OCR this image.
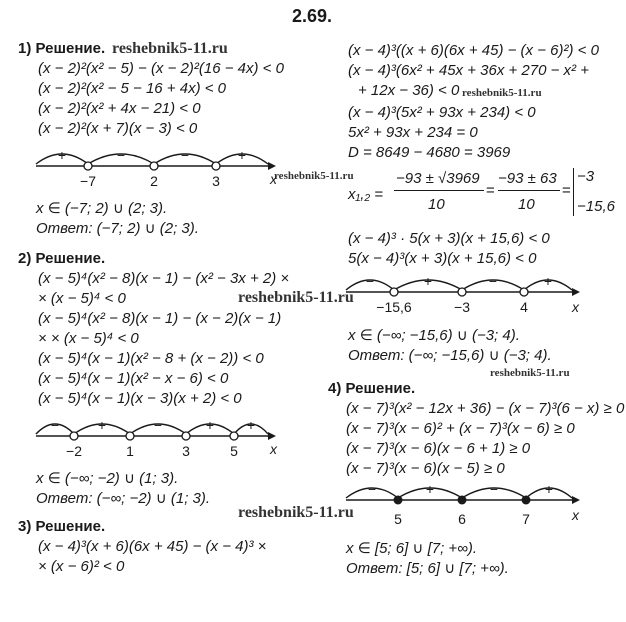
2.69.
reshebnik5-11.ru
reshebnik5-11.ru
reshebnik5-11.ru
reshebnik5-11.ru
reshebnik5-11.ru
reshebnik5-11.ru
1) Решение.
(x − 2)²(x² − 5) − (x − 2)²(16 − 4x) < 0
(x − 2)²(x² − 5 − 16 + 4x) < 0
(x − 2)²(x² + 4x − 21) < 0
(x − 2)²(x + 7)(x − 3) < 0
+	−	−	+
−7	2	3	x
x ∈ (−7; 2) ∪ (2; 3).
Ответ: (−7; 2) ∪ (2; 3).
2) Решение.
(x − 5)⁴(x² − 8)(x − 1) − (x² − 3x + 2) ×
× (x − 5)⁴ < 0
(x − 5)⁴(x² − 8)(x − 1) − (x − 2)(x − 1)
× × (x − 5)⁴ < 0
(x − 5)⁴(x − 1)(x² − 8 + (x − 2)) < 0
(x − 5)⁴(x − 1)(x² − x − 6) < 0
(x − 5)⁴(x − 1)(x − 3)(x + 2) < 0
−	+	−	+ +
−2	1	3	5 x
x ∈ (−∞; −2) ∪ (1; 3).
Ответ: (−∞; −2) ∪ (1; 3).
3) Решение.
(x − 4)³(x + 6)(6x + 45) − (x − 4)³ ×
× (x − 6)² < 0
(x − 4)³((x + 6)(6x + 45) − (x − 6)²) < 0
(x − 4)³(6x² + 45x + 36x + 270 − x² +
+ 12x − 36) < 0
(x − 4)³(5x² + 93x + 234) < 0
5x² + 93x + 234 = 0
D = 8649 − 4680 = 3969
x₁,₂ =
−93 ± √3969
10
=
−93 ± 63
10
=
−3
−15,6
(x − 4)³ · 5(x + 3)(x + 15,6) < 0
5(x − 4)³(x + 3)(x + 15,6) < 0
−	+	−	+
−15,6	−3	4	x
x ∈ (−∞; −15,6) ∪ (−3; 4).
Ответ: (−∞; −15,6) ∪ (−3; 4).
4) Решение.
(x − 7)³(x² − 12x + 36) − (x − 7)³(6 − x) ≥ 0
(x − 7)³(x − 6)² + (x − 7)³(x − 6) ≥ 0
(x − 7)³(x − 6)(x − 6 + 1) ≥ 0
(x − 7)³(x − 6)(x − 5) ≥ 0
−	+	−	+
5	6	7	x
x ∈ [5; 6] ∪ [7; +∞).
Ответ: [5; 6] ∪ [7; +∞).
